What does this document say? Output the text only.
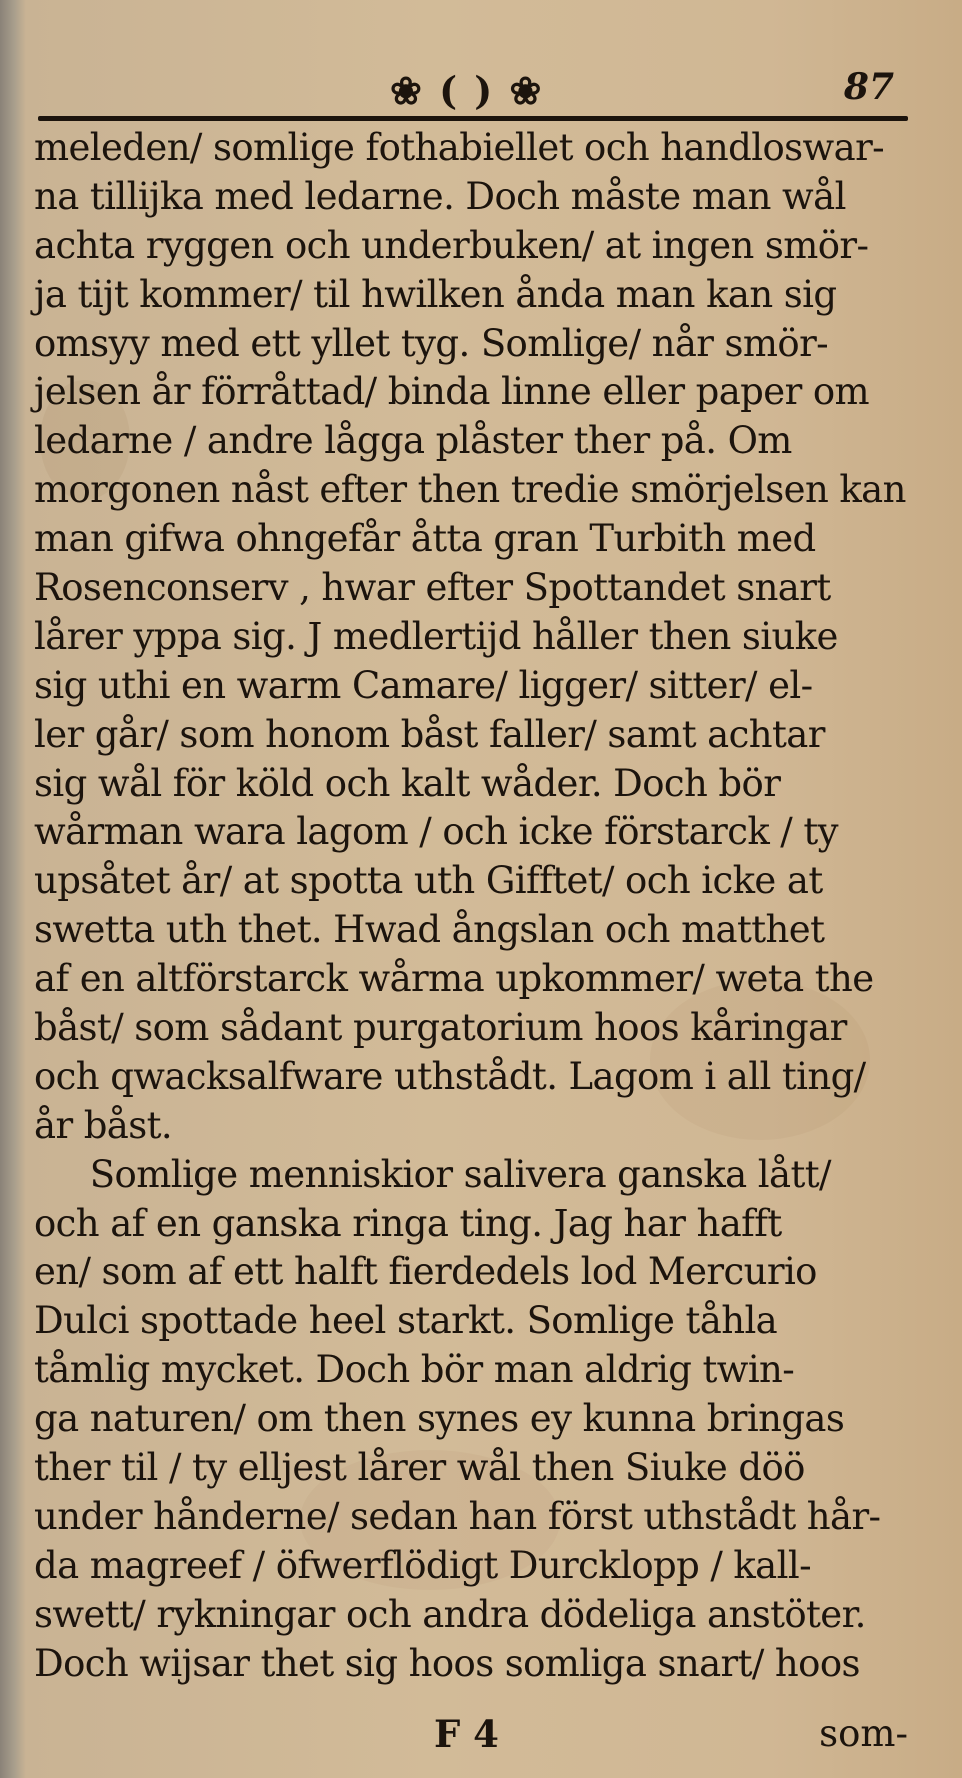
❀ ( ) ❀	87
meleden/ somlige fothabiellet och handloswar-
na tillijka med ledarne. Doch måste man wål
achta ryggen och underbuken/ at ingen smör-
ja tijt kommer/ til hwilken ånda man kan sig
omsyy med ett yllet tyg. Somlige/ når smör-
jelsen år förråttad/ binda linne eller paper om
ledarne / andre lågga plåster ther på. Om
morgonen nåst efter then tredie smörjelsen kan
man gifwa ohngefår åtta gran Turbith med
Rosenconserv , hwar efter Spottandet snart
lårer yppa sig. J medlertijd håller then siuke
sig uthi en warm Camare/ ligger/ sitter/ el-
ler går/ som honom båst faller/ samt achtar
sig wål för köld och kalt wåder. Doch bör
wårman wara lagom / och icke förstarck / ty
upsåtet år/ at spotta uth Gifftet/ och icke at
swetta uth thet. Hwad ångslan och matthet
af en altförstarck wårma upkommer/ weta the
båst/ som sådant purgatorium hoos kåringar
och qwacksalfware uthstådt. Lagom i all ting/
år båst.
Somlige menniskior salivera ganska lått/
och af en ganska ringa ting. Jag har hafft
en/ som af ett halft fierdedels lod Mercurio
Dulci spottade heel starkt. Somlige tåhla
tåmlig mycket. Doch bör man aldrig twin-
ga naturen/ om then synes ey kunna bringas
ther til / ty elljest lårer wål then Siuke döö
under hånderne/ sedan han först uthstådt hår-
da magreef / öfwerflödigt Durcklopp / kall-
swett/ rykningar och andra dödeliga anstöter.
Doch wijsar thet sig hoos somliga snart/ hoos
F 4	som-
